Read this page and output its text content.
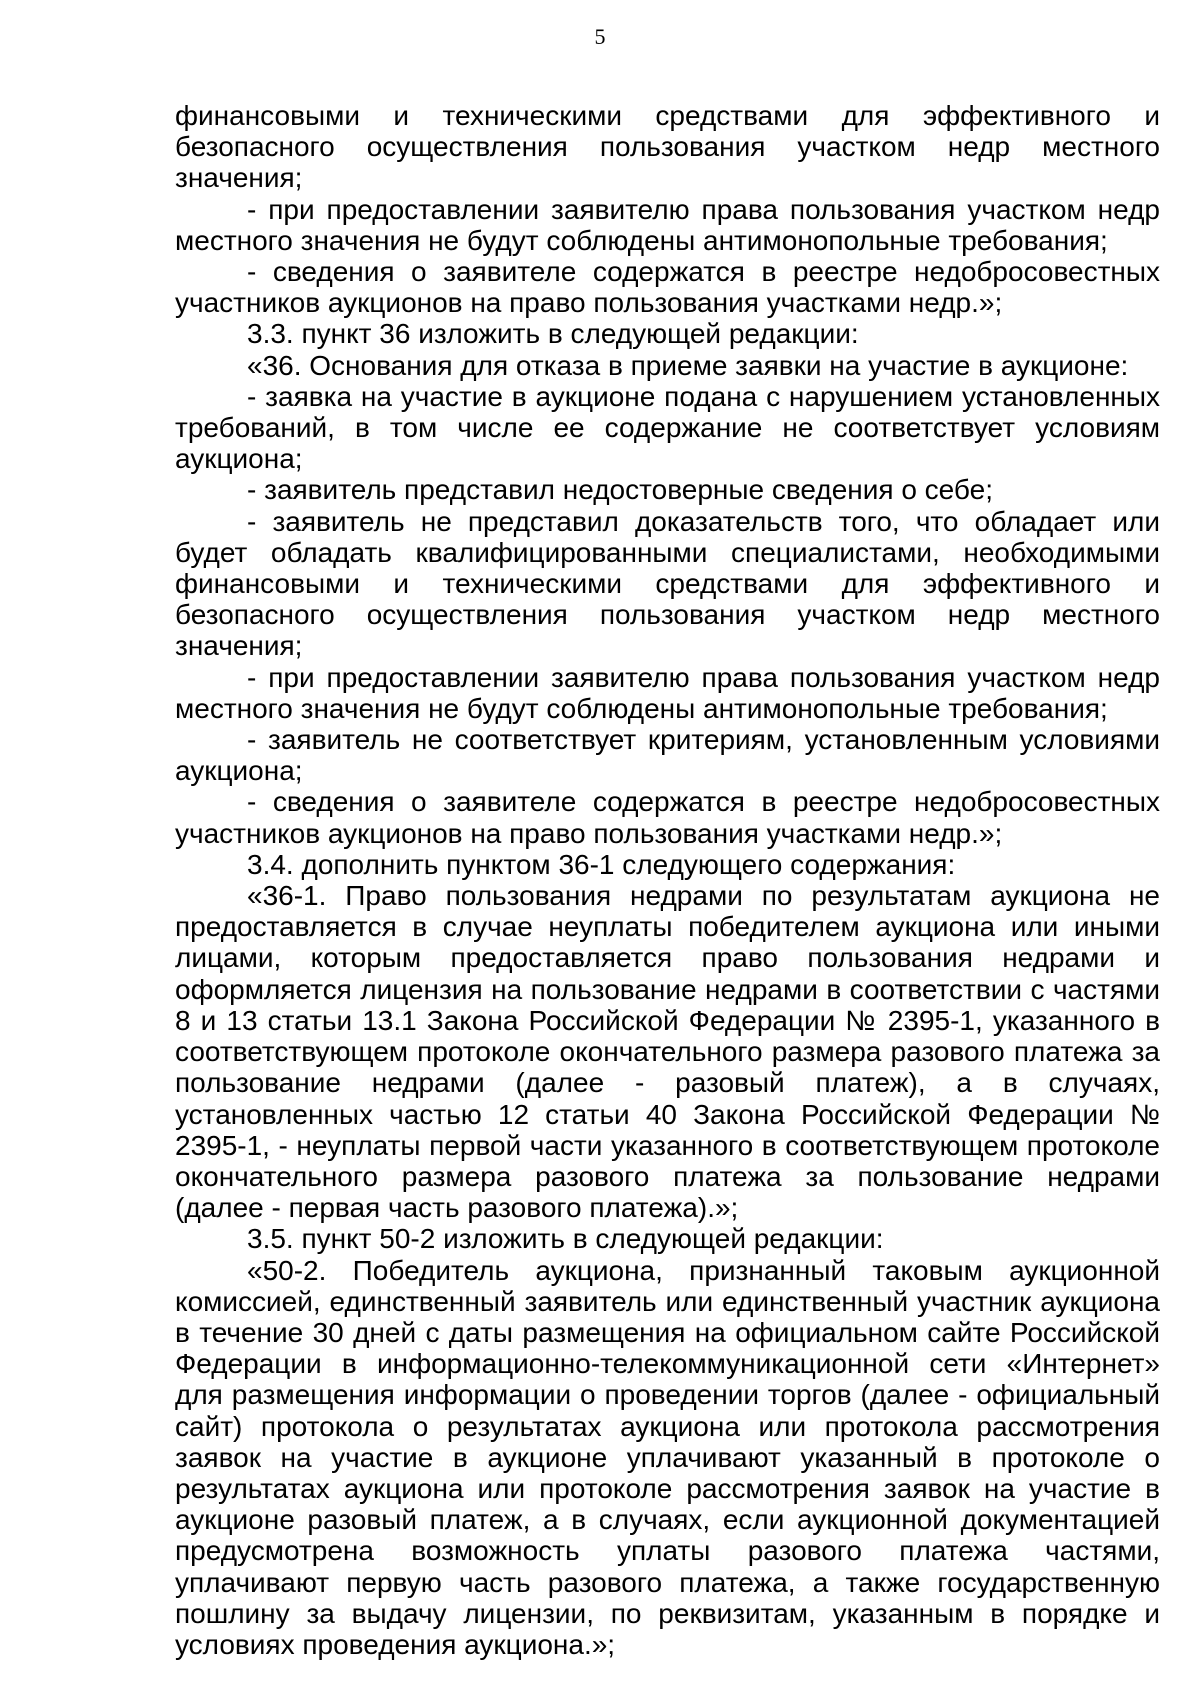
5

финансовыми и техническими средствами для эффективного и безопасного осуществления пользования участком недр местного значения;

- при предоставлении заявителю права пользования участком недр местного значения не будут соблюдены антимонопольные требования;

- сведения о заявителе содержатся в реестре недобросовестных участников аукционов на право пользования участками недр.»;

3.3. пункт 36 изложить в следующей редакции:

«36. Основания для отказа в приеме заявки на участие в аукционе:

- заявка на участие в аукционе подана с нарушением установленных требований, в том числе ее содержание не соответствует условиям аукциона;

- заявитель представил недостоверные сведения о себе;

- заявитель не представил доказательств того, что обладает или будет обладать квалифицированными специалистами, необходимыми финансовыми и техническими средствами для эффективного и безопасного осуществления пользования участком недр местного значения;

- при предоставлении заявителю права пользования участком недр местного значения не будут соблюдены антимонопольные требования;

- заявитель не соответствует критериям, установленным условиями аукциона;

- сведения о заявителе содержатся в реестре недобросовестных участников аукционов на право пользования участками недр.»;

3.4. дополнить пунктом 36-1 следующего содержания:

«36-1. Право пользования недрами по результатам аукциона не предоставляется в случае неуплаты победителем аукциона или иными лицами, которым предоставляется право пользования недрами и оформляется лицензия на пользование недрами в соответствии с частями 8 и 13 статьи 13.1 Закона Российской Федерации № 2395-1, указанного в соответствующем протоколе окончательного размера разового платежа за пользование недрами (далее - разовый платеж), а в случаях, установленных частью 12 статьи 40 Закона Российской Федерации № 2395-1, - неуплаты первой части указанного в соответствующем протоколе окончательного размера разового платежа за пользование недрами (далее - первая часть разового платежа).»;

3.5. пункт 50-2 изложить в следующей редакции:

«50-2. Победитель аукциона, признанный таковым аукционной комиссией, единственный заявитель или единственный участник аукциона в течение 30 дней с даты размещения на официальном сайте Российской Федерации в информационно-телекоммуникационной сети «Интернет» для размещения информации о проведении торгов (далее - официальный сайт) протокола о результатах аукциона или протокола рассмотрения заявок на участие в аукционе уплачивают указанный в протоколе о результатах аукциона или протоколе рассмотрения заявок на участие в аукционе разовый платеж, а в случаях, если аукционной документацией предусмотрена возможность уплаты разового платежа частями, уплачивают первую часть разового платежа, а также государственную пошлину за выдачу лицензии, по реквизитам, указанным в порядке и условиях проведения аукциона.»;
